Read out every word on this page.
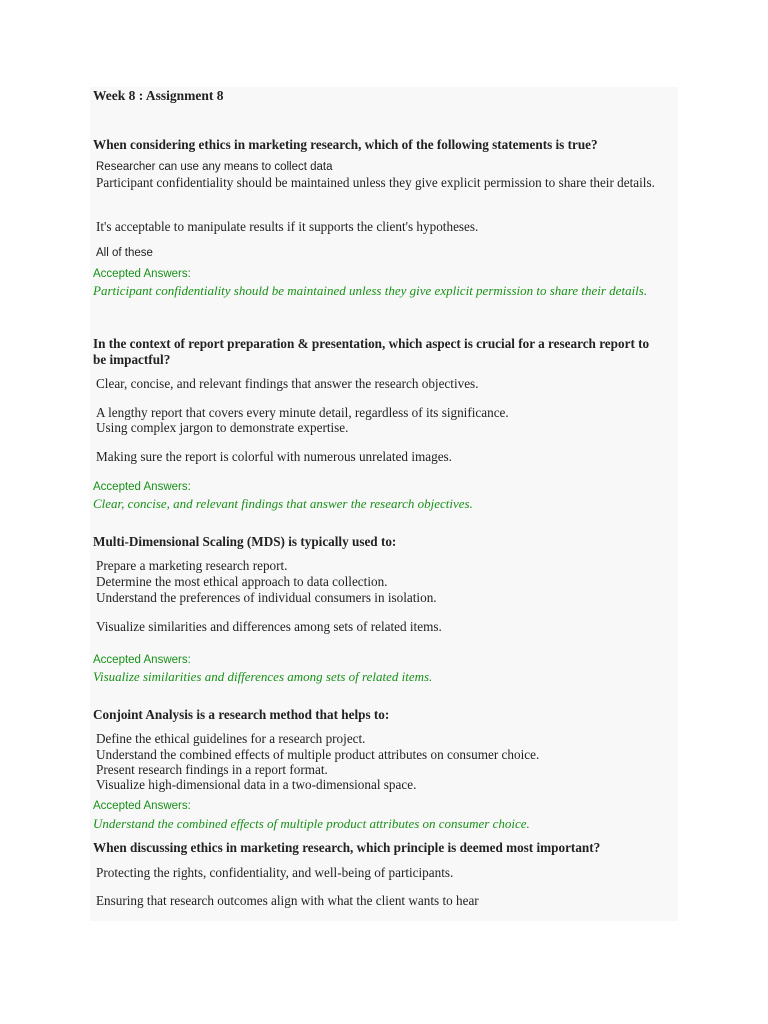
Week 8 : Assignment 8
When considering ethics in marketing research, which of the following statements is true?
Researcher can use any means to collect data
Participant confidentiality should be maintained unless they give explicit permission to share their details.
It's acceptable to manipulate results if it supports the client's hypotheses.
All of these
Accepted Answers:
Participant confidentiality should be maintained unless they give explicit permission to share their details.
In the context of report preparation & presentation, which aspect is crucial for a research report to be impactful?
Clear, concise, and relevant findings that answer the research objectives.
A lengthy report that covers every minute detail, regardless of its significance.
Using complex jargon to demonstrate expertise.
Making sure the report is colorful with numerous unrelated images.
Accepted Answers:
Clear, concise, and relevant findings that answer the research objectives.
Multi-Dimensional Scaling (MDS) is typically used to:
Prepare a marketing research report.
Determine the most ethical approach to data collection.
Understand the preferences of individual consumers in isolation.
Visualize similarities and differences among sets of related items.
Accepted Answers:
Visualize similarities and differences among sets of related items.
Conjoint Analysis is a research method that helps to:
Define the ethical guidelines for a research project.
Understand the combined effects of multiple product attributes on consumer choice.
Present research findings in a report format.
Visualize high-dimensional data in a two-dimensional space.
Accepted Answers:
Understand the combined effects of multiple product attributes on consumer choice.
When discussing ethics in marketing research, which principle is deemed most important?
Protecting the rights, confidentiality, and well-being of participants.
Ensuring that research outcomes align with what the client wants to hear
